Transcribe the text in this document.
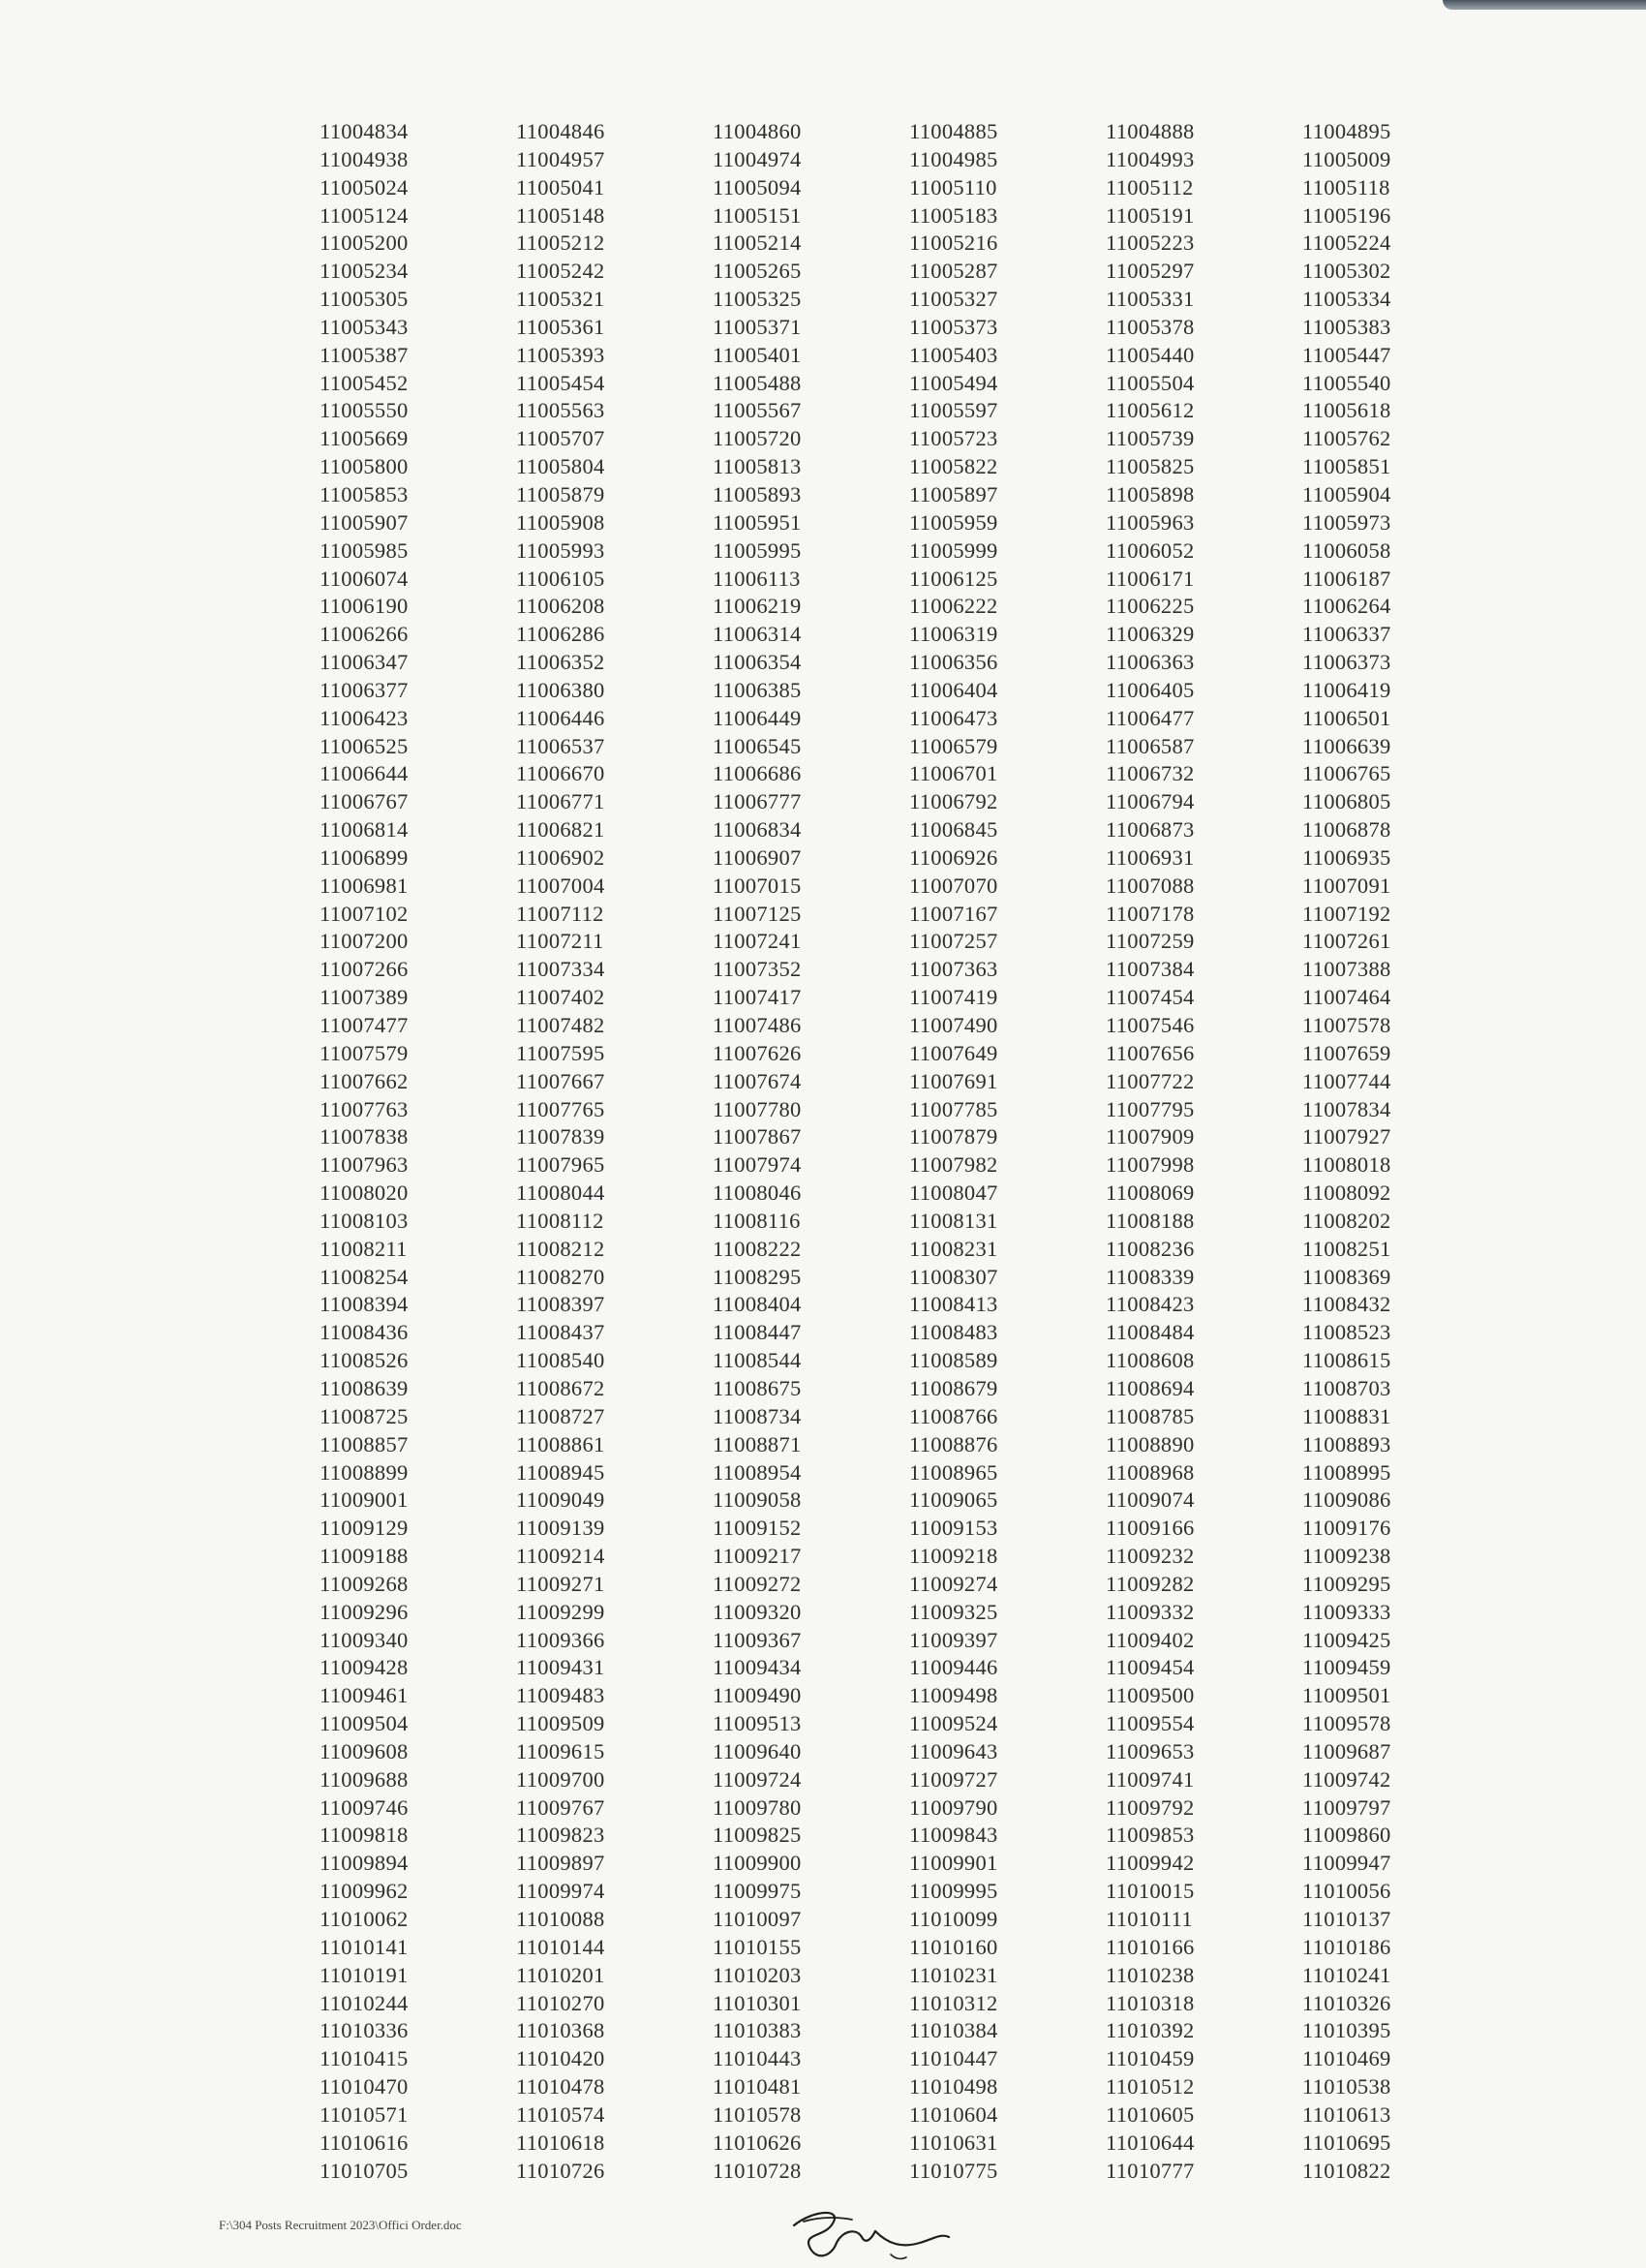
11004834	11004846	11004860	11004885	11004888	11004895
11004938	11004957	11004974	11004985	11004993	11005009
11005024	11005041	11005094	11005110	11005112	11005118
11005124	11005148	11005151	11005183	11005191	11005196
11005200	11005212	11005214	11005216	11005223	11005224
11005234	11005242	11005265	11005287	11005297	11005302
11005305	11005321	11005325	11005327	11005331	11005334
11005343	11005361	11005371	11005373	11005378	11005383
11005387	11005393	11005401	11005403	11005440	11005447
11005452	11005454	11005488	11005494	11005504	11005540
11005550	11005563	11005567	11005597	11005612	11005618
11005669	11005707	11005720	11005723	11005739	11005762
11005800	11005804	11005813	11005822	11005825	11005851
11005853	11005879	11005893	11005897	11005898	11005904
11005907	11005908	11005951	11005959	11005963	11005973
11005985	11005993	11005995	11005999	11006052	11006058
11006074	11006105	11006113	11006125	11006171	11006187
11006190	11006208	11006219	11006222	11006225	11006264
11006266	11006286	11006314	11006319	11006329	11006337
11006347	11006352	11006354	11006356	11006363	11006373
11006377	11006380	11006385	11006404	11006405	11006419
11006423	11006446	11006449	11006473	11006477	11006501
11006525	11006537	11006545	11006579	11006587	11006639
11006644	11006670	11006686	11006701	11006732	11006765
11006767	11006771	11006777	11006792	11006794	11006805
11006814	11006821	11006834	11006845	11006873	11006878
11006899	11006902	11006907	11006926	11006931	11006935
11006981	11007004	11007015	11007070	11007088	11007091
11007102	11007112	11007125	11007167	11007178	11007192
11007200	11007211	11007241	11007257	11007259	11007261
11007266	11007334	11007352	11007363	11007384	11007388
11007389	11007402	11007417	11007419	11007454	11007464
11007477	11007482	11007486	11007490	11007546	11007578
11007579	11007595	11007626	11007649	11007656	11007659
11007662	11007667	11007674	11007691	11007722	11007744
11007763	11007765	11007780	11007785	11007795	11007834
11007838	11007839	11007867	11007879	11007909	11007927
11007963	11007965	11007974	11007982	11007998	11008018
11008020	11008044	11008046	11008047	11008069	11008092
11008103	11008112	11008116	11008131	11008188	11008202
11008211	11008212	11008222	11008231	11008236	11008251
11008254	11008270	11008295	11008307	11008339	11008369
11008394	11008397	11008404	11008413	11008423	11008432
11008436	11008437	11008447	11008483	11008484	11008523
11008526	11008540	11008544	11008589	11008608	11008615
11008639	11008672	11008675	11008679	11008694	11008703
11008725	11008727	11008734	11008766	11008785	11008831
11008857	11008861	11008871	11008876	11008890	11008893
11008899	11008945	11008954	11008965	11008968	11008995
11009001	11009049	11009058	11009065	11009074	11009086
11009129	11009139	11009152	11009153	11009166	11009176
11009188	11009214	11009217	11009218	11009232	11009238
11009268	11009271	11009272	11009274	11009282	11009295
11009296	11009299	11009320	11009325	11009332	11009333
11009340	11009366	11009367	11009397	11009402	11009425
11009428	11009431	11009434	11009446	11009454	11009459
11009461	11009483	11009490	11009498	11009500	11009501
11009504	11009509	11009513	11009524	11009554	11009578
11009608	11009615	11009640	11009643	11009653	11009687
11009688	11009700	11009724	11009727	11009741	11009742
11009746	11009767	11009780	11009790	11009792	11009797
11009818	11009823	11009825	11009843	11009853	11009860
11009894	11009897	11009900	11009901	11009942	11009947
11009962	11009974	11009975	11009995	11010015	11010056
11010062	11010088	11010097	11010099	11010111	11010137
11010141	11010144	11010155	11010160	11010166	11010186
11010191	11010201	11010203	11010231	11010238	11010241
11010244	11010270	11010301	11010312	11010318	11010326
11010336	11010368	11010383	11010384	11010392	11010395
11010415	11010420	11010443	11010447	11010459	11010469
11010470	11010478	11010481	11010498	11010512	11010538
11010571	11010574	11010578	11010604	11010605	11010613
11010616	11010618	11010626	11010631	11010644	11010695
11010705	11010726	11010728	11010775	11010777	11010822
F:\304 Posts Recruitment 2023\Offici Order.doc
